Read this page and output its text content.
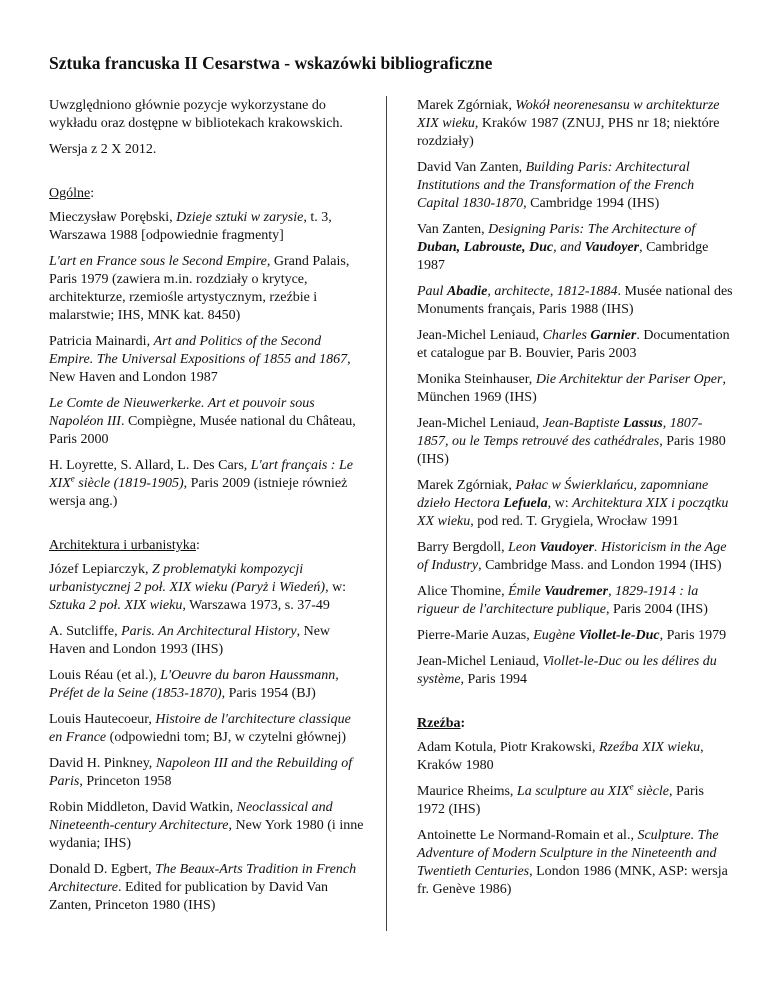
Sztuka francuska II Cesarstwa - wskazówki bibliograficzne

Uwzględniono głównie pozycje wykorzystane do wykładu oraz dostępne w bibliotekach krakowskich.

Wersja z 2 X 2012.

Ogólne:

Mieczysław Porębski, Dzieje sztuki w zarysie, t. 3, Warszawa 1988 [odpowiednie fragmenty]

L'art en France sous le Second Empire, Grand Palais, Paris 1979 (zawiera m.in. rozdziały o krytyce, architekturze, rzemiośle artystycznym, rzeźbie i malarstwie; IHS, MNK kat. 8450)

Patricia Mainardi, Art and Politics of the Second Empire. The Universal Expositions of 1855 and 1867, New Haven and London 1987

Le Comte de Nieuwerkerke. Art et pouvoir sous Napoléon III. Compiègne, Musée national du Château, Paris 2000

H. Loyrette, S. Allard, L. Des Cars, L'art français : Le XIXe siècle (1819-1905), Paris 2009 (istnieje również wersja ang.)

Architektura i urbanistyka:

Józef Lepiarczyk, Z problematyki kompozycji urbanistycznej 2 poł. XIX wieku (Paryż i Wiedeń), w: Sztuka 2 poł. XIX wieku, Warszawa 1973, s. 37-49

A. Sutcliffe, Paris. An Architectural History, New Haven and London 1993 (IHS)

Louis Réau (et al.), L'Oeuvre du baron Haussmann, Préfet de la Seine (1853-1870), Paris 1954 (BJ)

Louis Hautecoeur, Histoire de l'architecture classique en France (odpowiedni tom; BJ, w czytelni głównej)

David H. Pinkney, Napoleon III and the Rebuilding of Paris, Princeton 1958

Robin Middleton, David Watkin, Neoclassical and Nineteenth-century Architecture, New York 1980 (i inne wydania; IHS)

Donald D. Egbert, The Beaux-Arts Tradition in French Architecture. Edited for publication by David Van Zanten, Princeton 1980 (IHS)

Marek Zgórniak, Wokół neorenesansu w architekturze XIX wieku, Kraków 1987 (ZNUJ, PHS nr 18; niektóre rozdziały)

David Van Zanten, Building Paris: Architectural Institutions and the Transformation of the French Capital 1830-1870, Cambridge 1994 (IHS)

Van Zanten, Designing Paris: The Architecture of Duban, Labrouste, Duc, and Vaudoyer, Cambridge 1987

Paul Abadie, architecte, 1812-1884. Musée national des Monuments français, Paris 1988 (IHS)

Jean-Michel Leniaud, Charles Garnier. Documentation et catalogue par B. Bouvier, Paris 2003

Monika Steinhauser, Die Architektur der Pariser Oper, München 1969 (IHS)

Jean-Michel Leniaud, Jean-Baptiste Lassus, 1807-1857, ou le Temps retrouvé des cathédrales, Paris 1980 (IHS)

Marek Zgórniak, Pałac w Świerklańcu, zapomniane dzieło Hectora Lefuela, w: Architektura XIX i początku XX wieku, pod red. T. Grygiela, Wrocław 1991

Barry Bergdoll, Leon Vaudoyer. Historicism in the Age of Industry, Cambridge Mass. and London 1994 (IHS)

Alice Thomine, Émile Vaudremer, 1829-1914 : la rigueur de l'architecture publique, Paris 2004 (IHS)

Pierre-Marie Auzas, Eugène Viollet-le-Duc, Paris 1979

Jean-Michel Leniaud, Viollet-le-Duc ou les délires du système, Paris 1994

Rzeźba:

Adam Kotula, Piotr Krakowski, Rzeźba XIX wieku, Kraków 1980

Maurice Rheims, La sculpture au XIXe siècle, Paris 1972 (IHS)

Antoinette Le Normand-Romain et al., Sculpture. The Adventure of Modern Sculpture in the Nineteenth and Twentieth Centuries, London 1986 (MNK, ASP: wersja fr. Genève 1986)
